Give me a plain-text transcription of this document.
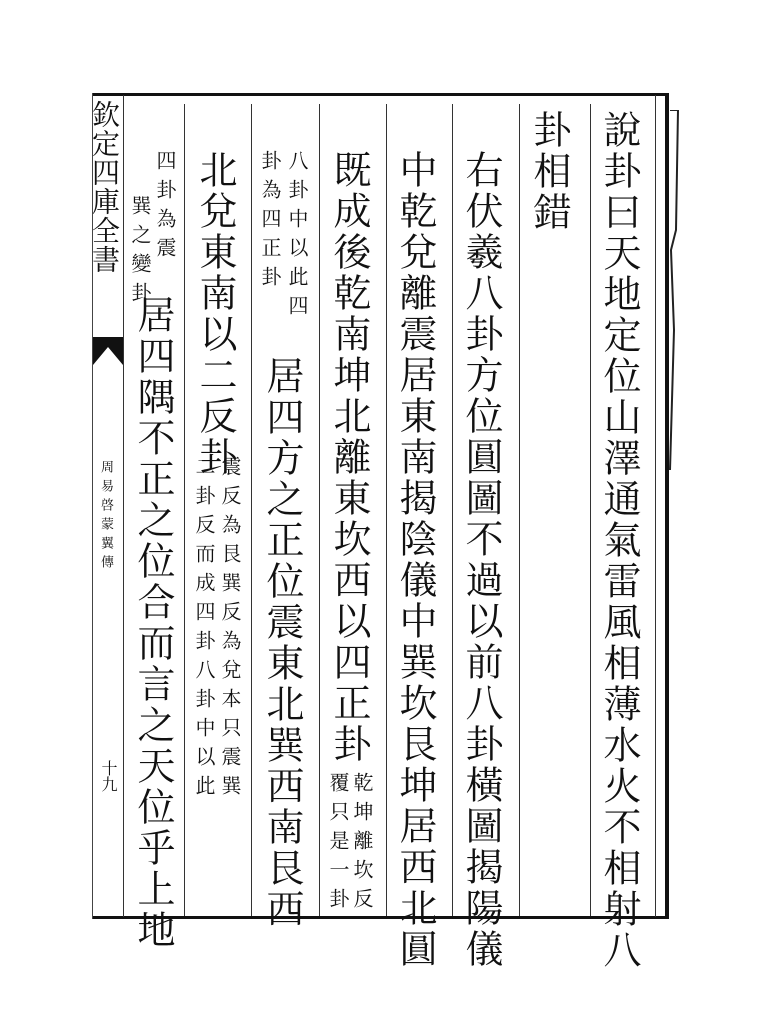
欽定四庫全書
周易啓蒙翼傳
十九	說卦曰天地定位山澤通氣雷風相薄水火不相射八
卦相錯
右伏羲八卦方位圓圖不過以前八卦橫圖揭陽儀
中乾兌離震居東南揭陰儀中巽坎艮坤居西北圓
既成後乾南坤北離東坎西以四正卦
乾坤離坎反
覆只是一卦
八卦中以此四
卦為四正卦
居四方之正位震東北巽西南艮西
北兌東南以二反卦
震反為艮巽反為兌本只震巽
二卦反而成四卦八卦中以此
四卦為震
巽之變卦
居四隅不正之位合而言之天位乎上地
